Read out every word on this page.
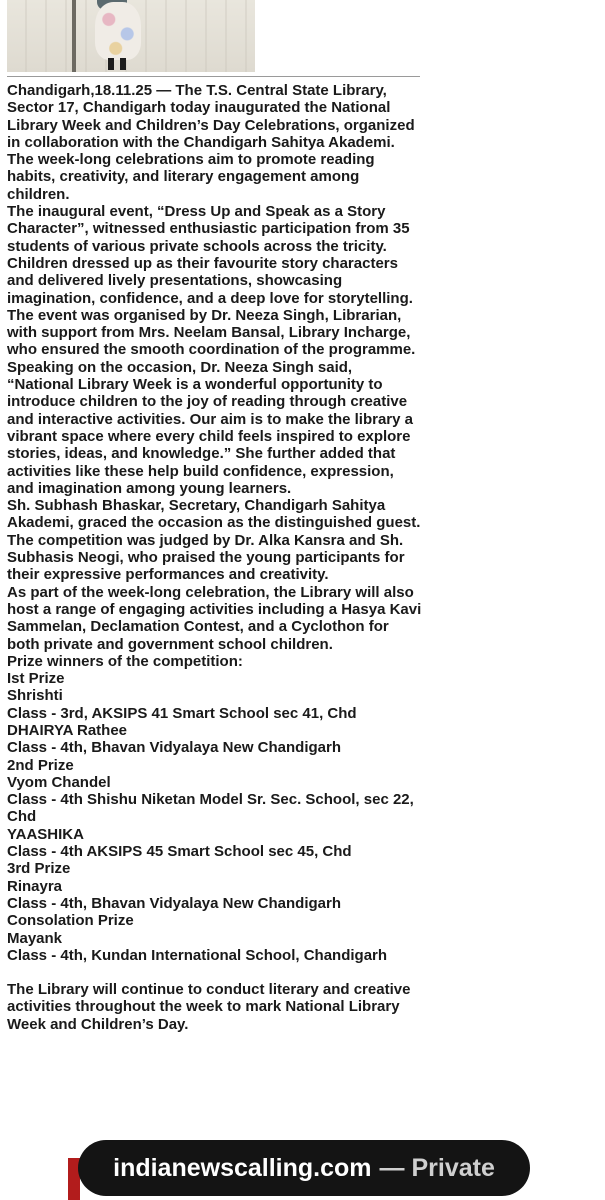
Chandigarh,18.11.25 — The T.S. Central State Library, Sector 17, Chandigarh today inaugurated the National Library Week and Children’s Day Celebrations, organized in collaboration with the Chandigarh Sahitya Akademi. The week-long celebrations aim to promote reading habits, creativity, and literary engagement among children.

The inaugural event, “Dress Up and Speak as a Story Character”, witnessed enthusiastic participation from 35 students of various private schools across the tricity. Children dressed up as their favourite story characters and delivered lively presentations, showcasing imagination, confidence, and a deep love for storytelling.

The event was organised by Dr. Neeza Singh, Librarian, with support from Mrs. Neelam Bansal, Library Incharge, who ensured the smooth coordination of the programme.

Speaking on the occasion, Dr. Neeza Singh said, “National Library Week is a wonderful opportunity to introduce children to the joy of reading through creative and interactive activities. Our aim is to make the library a vibrant space where every child feels inspired to explore stories, ideas, and knowledge.” She further added that activities like these help build confidence, expression, and imagination among young learners.

Sh. Subhash Bhaskar, Secretary, Chandigarh Sahitya Akademi, graced the occasion as the distinguished guest.

The competition was judged by Dr. Alka Kansra and Sh. Subhasis Neogi, who praised the young participants for their expressive performances and creativity.

As part of the week-long celebration, the Library will also host a range of engaging activities including a Hasya Kavi Sammelan, Declamation Contest, and a Cyclothon for both private and government school children.

Prize winners of the competition:

Ist Prize

Shrishti

Class - 3rd, AKSIPS 41 Smart School sec 41, Chd

DHAIRYA Rathee

Class - 4th, Bhavan Vidyalaya New Chandigarh

2nd Prize

Vyom Chandel

Class - 4th Shishu Niketan Model Sr. Sec. School, sec 22, Chd

YAASHIKA

Class - 4th AKSIPS 45 Smart School sec 45, Chd

3rd Prize

Rinayra

Class - 4th, Bhavan Vidyalaya New Chandigarh

Consolation Prize

Mayank

Class - 4th, Kundan International School, Chandigarh

The Library will continue to conduct literary and creative activities throughout the week to mark National Library Week and Children’s Day.

indianewscalling.com — Private
